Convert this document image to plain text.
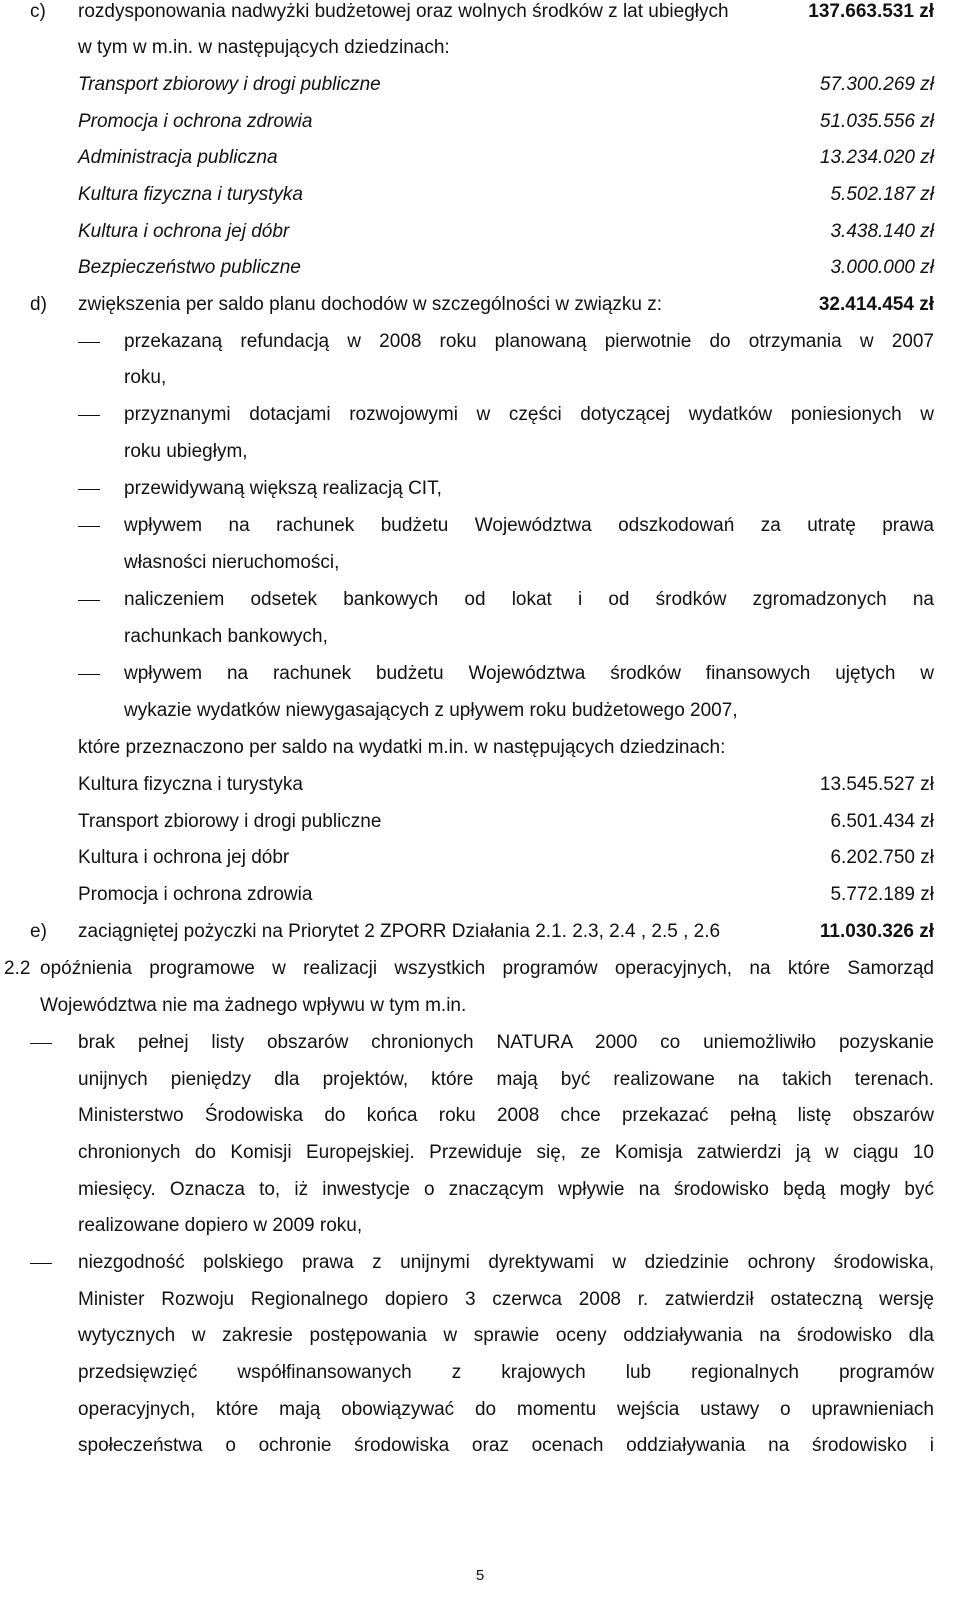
c) rozdysponowania nadwyżki budżetowej oraz wolnych środków z lat ubiegłych	137.663.531 zł
w tym w m.in. w następujących dziedzinach:
Transport zbiorowy i drogi publiczne	57.300.269 zł
Promocja i ochrona zdrowia	51.035.556 zł
Administracja publiczna	13.234.020 zł
Kultura fizyczna i turystyka	5.502.187 zł
Kultura i ochrona jej dóbr	3.438.140 zł
Bezpieczeństwo publiczne	3.000.000 zł
d) zwiększenia per saldo planu dochodów w szczególności w związku z:	32.414.454 zł
przekazaną refundacją w 2008 roku planowaną pierwotnie do otrzymania w 2007
roku,
przyznanymi dotacjami rozwojowymi w części dotyczącej wydatków poniesionych w
roku ubiegłym,
przewidywaną większą realizacją CIT,
wpływem na rachunek budżetu Województwa odszkodowań za utratę prawa
własności nieruchomości,
naliczeniem odsetek bankowych od lokat i od środków zgromadzonych na
rachunkach bankowych,
wpływem na rachunek budżetu Województwa środków finansowych ujętych w
wykazie wydatków niewygasających z upływem roku budżetowego 2007,
które przeznaczono per saldo na wydatki m.in. w następujących dziedzinach:
Kultura fizyczna i turystyka	13.545.527 zł
Transport zbiorowy i drogi publiczne	6.501.434 zł
Kultura i ochrona jej dóbr	6.202.750 zł
Promocja i ochrona zdrowia	5.772.189 zł
e) zaciągniętej pożyczki na Priorytet 2 ZPORR Działania 2.1. 2.3, 2.4 , 2.5 , 2.6	11.030.326 zł
2.2 opóźnienia programowe w realizacji wszystkich programów operacyjnych, na które Samorząd
Województwa nie ma żadnego wpływu w tym m.in.
brak pełnej listy obszarów chronionych NATURA 2000 co uniemożliwiło pozyskanie
unijnych pieniędzy dla projektów, które mają być realizowane na takich terenach.
Ministerstwo Środowiska do końca roku 2008 chce przekazać pełną listę obszarów
chronionych do Komisji Europejskiej. Przewiduje się, ze Komisja zatwierdzi ją w ciągu 10
miesięcy. Oznacza to, iż inwestycje o znaczącym wpływie na środowisko będą mogły być
realizowane dopiero w 2009 roku,
niezgodność polskiego prawa z unijnymi dyrektywami w dziedzinie ochrony środowiska,
Minister Rozwoju Regionalnego dopiero 3 czerwca 2008 r. zatwierdził ostateczną wersję
wytycznych w zakresie postępowania w sprawie oceny oddziaływania na środowisko dla
przedsięwzięć współfinansowanych z krajowych lub regionalnych programów
operacyjnych, które mają obowiązywać do momentu wejścia ustawy o uprawnieniach
społeczeństwa o ochronie środowiska oraz ocenach oddziaływania na środowisko i
5
